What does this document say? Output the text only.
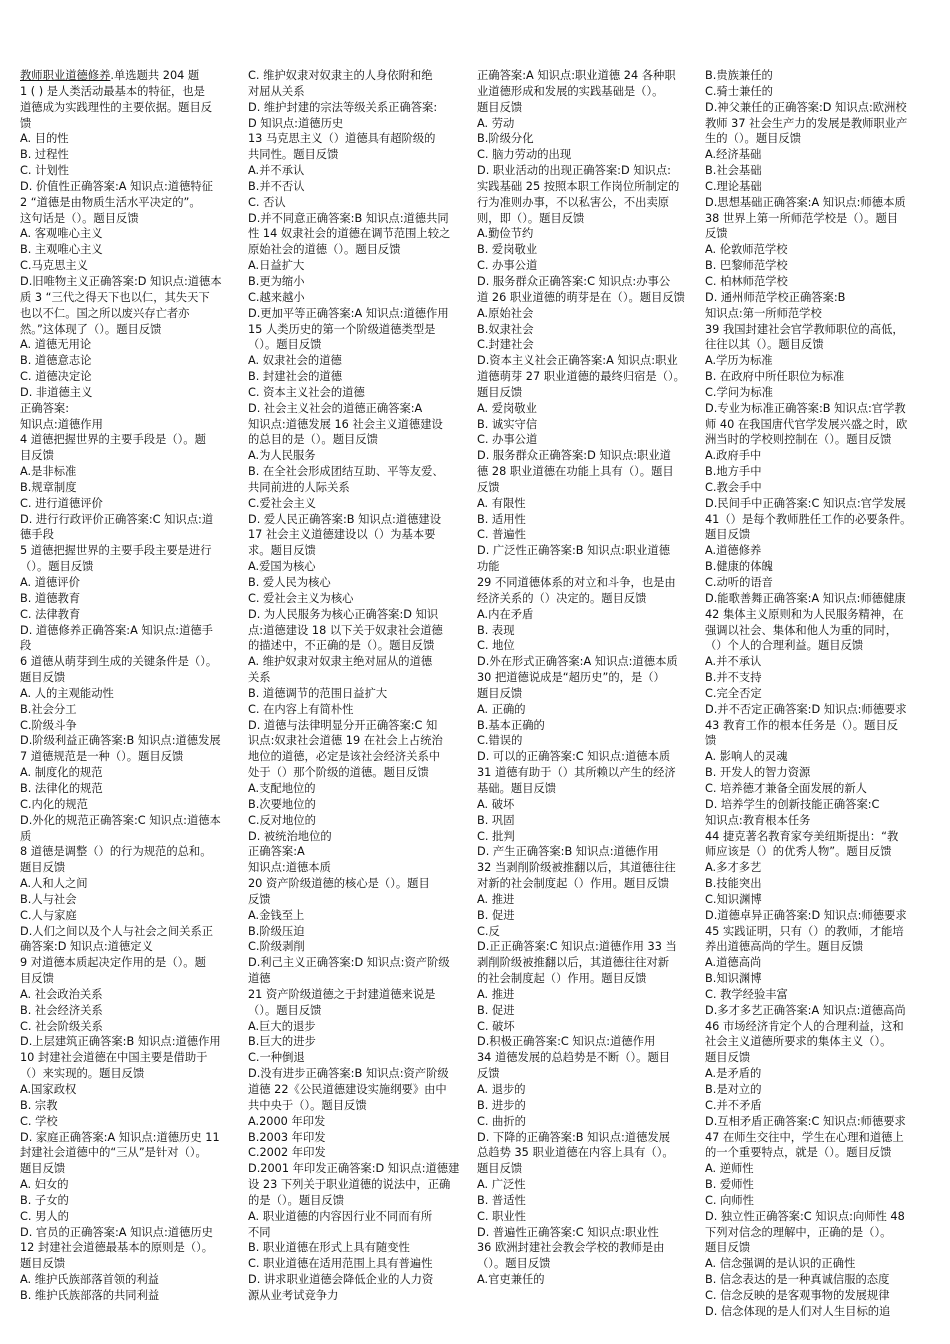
教师职业道德修养.单选题共 204 题
1 ( ) 是人类活动最基本的特征，也是
道德成为实践理性的主要依据。题目反
馈
A. 目的性
B. 过程性
C. 计划性
D. 价值性正确答案:A 知识点:道德特征
2 “道德是由物质生活水平决定的”。
这句话是（）。题目反馈
A. 客观唯心主义
B. 主观唯心主义
C.马克思主义
D.旧唯物主义正确答案:D 知识点:道德本
质 3 “三代之得天下也以仁，其失天下
也以不仁。国之所以废兴存亡者亦
然。”这体现了（）。题目反馈
A. 道德无用论
B. 道德意志论
C. 道德决定论
D. 非道德主义
正确答案:
知识点:道德作用
4 道德把握世界的主要手段是（）。题
目反馈
A.是非标准
B.规章制度
C. 进行道德评价
D. 进行行政评价正确答案:C 知识点:道
德手段
5 道德把握世界的主要手段主要是进行
（）。题目反馈
A. 道德评价
B. 道德教育
C. 法律教育
D. 道德修养正确答案:A 知识点:道德手
段
6 道德从萌芽到生成的关键条件是（）。
题目反馈
A. 人的主观能动性
B.社会分工
C.阶级斗争
D.阶级利益正确答案:B 知识点:道德发展
7 道德规范是一种（）。题目反馈
A. 制度化的规范
B. 法律化的规范
C.内化的规范
D.外化的规范正确答案:C 知识点:道德本
质
8 道德是调整（）的行为规范的总和。
题目反馈
A.人和人之间
B.人与社会
C.人与家庭
D.人们之间以及个人与社会之间关系正
确答案:D 知识点:道德定义
9 对道德本质起决定作用的是（）。题
目反馈
A. 社会政治关系
B. 社会经济关系
C. 社会阶级关系
D.上层建筑正确答案:B 知识点:道德作用
10 封建社会道德在中国主要是借助于
（）来实现的。题目反馈
A.国家政权
B. 宗教
C. 学校
D. 家庭正确答案:A 知识点:道德历史 11
封建社会道德中的“三从”是针对（）。
题目反馈
A. 妇女的
B. 子女的
C. 男人的
D. 官员的正确答案:A 知识点:道德历史
12 封建社会道德最基本的原则是（）。
题目反馈
A. 维护氏族部落首领的利益
B. 维护氏族部落的共同利益
C. 维护奴隶对奴隶主的人身依附和绝
对屈从关系
D. 维护封建的宗法等级关系正确答案:
D 知识点:道德历史
13 马克思主义（）道德具有超阶级的
共同性。题目反馈
A.并不承认
B.并不否认
C. 否认
D.并不同意正确答案:B 知识点:道德共同
性 14 奴隶社会的道德在调节范围上较之
原始社会的道德（）。题目反馈
A.日益扩大
B.更为缩小
C.越来越小
D.更加平等正确答案:A 知识点:道德作用
15 人类历史的第一个阶级道德类型是
（）。题目反馈
A. 奴隶社会的道德
B. 封建社会的道德
C. 资本主义社会的道德
D. 社会主义社会的道德正确答案:A
知识点:道德发展 16 社会主义道德建设
的总目的是（）。题目反馈
A.为人民服务
B. 在全社会形成团结互助、平等友爱、
共同前进的人际关系
C.爱社会主义
D. 爱人民正确答案:B 知识点:道德建设
17 社会主义道德建设以（）为基本要
求。题目反馈
A.爱国为核心
B. 爱人民为核心
C. 爱社会主义为核心
D. 为人民服务为核心正确答案:D 知识
点:道德建设 18 以下关于奴隶社会道德
的描述中，不正确的是（）。题目反馈
A. 维护奴隶对奴隶主绝对屈从的道德
关系
B. 道德调节的范围日益扩大
C. 在内容上有简朴性
D. 道德与法律明显分开正确答案:C 知
识点:奴隶社会道德 19 在社会上占统治
地位的道德，必定是该社会经济关系中
处于（）那个阶级的道德。题目反馈
A.支配地位的
B.次要地位的
C.反对地位的
D. 被统治地位的
正确答案:A
知识点:道德本质
20 资产阶级道德的核心是（）。题目
反馈
A.金钱至上
B.阶级压迫
C.阶级剥削
D.利己主义正确答案:D 知识点:资产阶级
道德
21 资产阶级道德之于封建道德来说是
（）。题目反馈
A.巨大的退步
B.巨大的进步
C.一种倒退
D.没有进步正确答案:B 知识点:资产阶级
道德 22《公民道德建设实施纲要》由中
共中央于（）。题目反馈
A.2000 年印发
B.2003 年印发
C.2002 年印发
D.2001 年印发正确答案:D 知识点:道德建
设 23 下列关于职业道德的说法中，正确
的是（）。题目反馈
A. 职业道德的内容因行业不同而有所
不同
B. 职业道德在形式上具有随变性
C. 职业道德在适用范围上具有普遍性
D. 讲求职业道德会降低企业的人力资
源从业考试竞争力
正确答案:A 知识点:职业道德 24 各种职
业道德形成和发展的实践基础是（）。
题目反馈
A. 劳动
B.阶级分化
C. 脑力劳动的出现
D. 职业活动的出现正确答案:D 知识点:
实践基础 25 按照本职工作岗位所制定的
行为准则办事，不以私害公，不出卖原
则，即（）。题目反馈
A.勤俭节约
B. 爱岗敬业
C. 办事公道
D. 服务群众正确答案:C 知识点:办事公
道 26 职业道德的萌芽是在（）。题目反馈
A.原始社会
B.奴隶社会
C.封建社会
D.资本主义社会正确答案:A 知识点:职业
道德萌芽 27 职业道德的最终归宿是（）。
题目反馈
A. 爱岗敬业
B. 诚实守信
C. 办事公道
D. 服务群众正确答案:D 知识点:职业道
德 28 职业道德在功能上具有（）。题目
反馈
A. 有限性
B. 适用性
C. 普遍性
D. 广泛性正确答案:B 知识点:职业道德
功能
29 不同道德体系的对立和斗争，也是由
经济关系的（）决定的。题目反馈
A.内在矛盾
B. 表现
C. 地位
D.外在形式正确答案:A 知识点:道德本质
30 把道德说成是“超历史”的，是（）
题目反馈
A. 正确的
B.基本正确的
C.错误的
D. 可以的正确答案:C 知识点:道德本质
31 道德有助于（）其所赖以产生的经济
基础。题目反馈
A. 破坏
B. 巩固
C. 批判
D. 产生正确答案:B 知识点:道德作用
32 当剥削阶级被推翻以后，其道德往往
对新的社会制度起（）作用。题目反馈
A. 推进
B. 促进
C.反
D.正正确答案:C 知识点:道德作用 33 当
剥削阶级被推翻以后，其道德往往对新
的社会制度起（）作用。题目反馈
A. 推进
B. 促进
C. 破坏
D.积极正确答案:C 知识点:道德作用
34 道德发展的总趋势是不断（）。题目
反馈
A. 退步的
B. 进步的
C. 曲折的
D. 下降的正确答案:B 知识点:道德发展
总趋势 35 职业道德在内容上具有（）。
题目反馈
A. 广泛性
B. 普适性
C. 职业性
D. 普遍性正确答案:C 知识点:职业性
36 欧洲封建社会教会学校的教师是由
（）。题目反馈
A.官吏兼任的
B.贵族兼任的
C.骑士兼任的
D.神父兼任的正确答案:D 知识点:欧洲校
教师 37 社会生产力的发展是教师职业产
生的（）。题目反馈
A.经济基础
B.社会基础
C.理论基础
D.思想基础正确答案:A 知识点:师德本质
38 世界上第一所师范学校是（）。题目
反馈
A. 伦敦师范学校
B. 巴黎师范学校
C. 柏林师范学校
D. 通州师范学校正确答案:B
知识点:第一所师范学校
39 我国封建社会官学教师职位的高低，
往往以其（）。题目反馈
A.学历为标准
B. 在政府中所任职位为标准
C.学问为标准
D.专业为标准正确答案:B 知识点:官学教
师 40 在我国唐代官学发展兴盛之时，欧
洲当时的学校则控制在（）。题目反馈
A.政府手中
B.地方手中
C.教会手中
D.民间手中正确答案:C 知识点:官学发展
41（）是每个教师胜任工作的必要条件。
题目反馈
A.道德修养
B.健康的体魄
C.动听的语音
D.能歌善舞正确答案:A 知识点:师德健康
42 集体主义原则和为人民服务精神，在
强调以社会、集体和他人为重的同时，
（）个人的合理利益。题目反馈
A.并不承认
B.并不支持
C.完全否定
D.并不否定正确答案:D 知识点:师德要求
43 教育工作的根本任务是（）。题目反
馈
A. 影响人的灵魂
B. 开发人的智力资源
C. 培养德才兼备全面发展的新人
D. 培养学生的创新技能正确答案:C
知识点:教育根本任务
44 捷克著名教育家夸美纽斯提出：“教
师应该是（）的优秀人物”。题目反馈
A.多才多艺
B.技能突出
C.知识渊博
D.道德卓异正确答案:D 知识点:师德要求
45 实践证明，只有（）的教师，才能培
养出道德高尚的学生。题目反馈
A.道德高尚
B.知识渊博
C. 教学经验丰富
D.多才多艺正确答案:A 知识点:道德高尚
46 市场经济肯定个人的合理利益，这和
社会主义道德所要求的集体主义（）。
题目反馈
A.是矛盾的
B.是对立的
C.并不矛盾
D.互相矛盾正确答案:C 知识点:师德要求
47 在师生交往中，学生在心理和道德上
的一个重要特点，就是（）。题目反馈
A. 逆师性
B. 爱师性
C. 向师性
D. 独立性正确答案:C 知识点:向师性 48
下列对信念的理解中，正确的是（）。
题目反馈
A. 信念强调的是认识的正确性
B. 信念表达的是一种真诚信服的态度
C. 信念反映的是客观事物的发展规律
D. 信念体现的是人们对人生目标的追
